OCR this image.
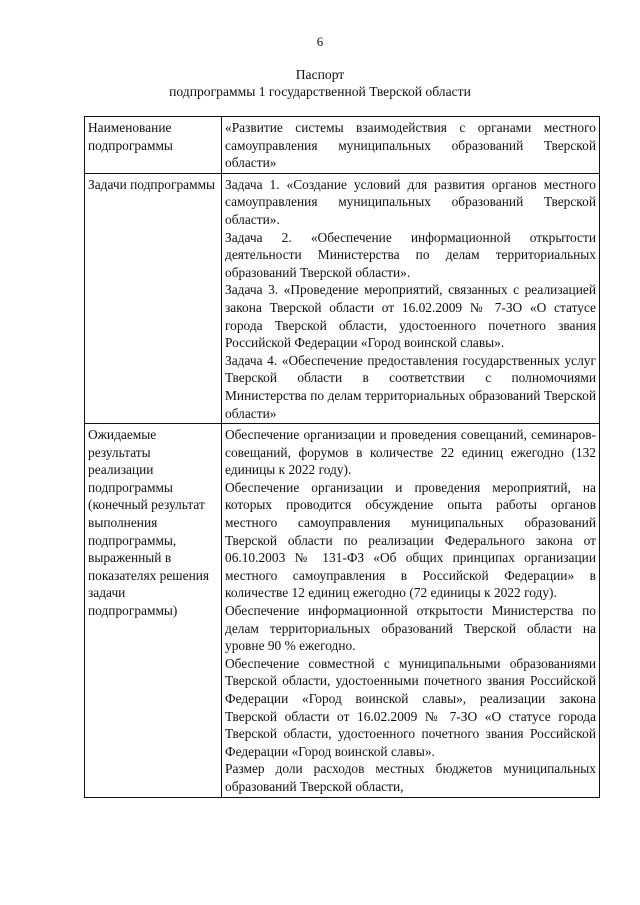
6
Паспорт
подпрограммы 1 государственной Тверской области
Наименование подпрограммы	«Развитие системы взаимодействия с органами местного самоуправления муниципальных образований Тверской области»

Задачи подпрограммы	Задача 1. «Создание условий для развития органов местного самоуправления муниципальных образований Тверской области».

Задача 2. «Обеспечение информационной открытости деятельности Министерства по делам территориальных образований Тверской области».

Задача 3. «Проведение мероприятий, связанных с реализацией закона Тверской области от 16.02.2009 № 7-ЗО «О статусе города Тверской области, удостоенного почетного звания Российской Федерации «Город воинской славы».

Задача 4. «Обеспечение предоставления государственных услуг Тверской области в соответствии с полномочиями Министерства по делам территориальных образований Тверской области»

Ожидаемые результаты реализации подпрограммы (конечный результат выполнения подпрограммы, выраженный в показателях решения задачи подпрограммы)	Обеспечение организации и проведения совещаний, семинаров-совещаний, форумов в количестве 22 единиц ежегодно (132 единицы к 2022 году).

Обеспечение организации и проведения мероприятий, на которых проводится обсуждение опыта работы органов местного самоуправления муниципальных образований Тверской области по реализации Федерального закона от 06.10.2003 № 131-ФЗ «Об общих принципах организации местного самоуправления в Российской Федерации» в количестве 12 единиц ежегодно (72 единицы к 2022 году).

Обеспечение информационной открытости Министерства по делам территориальных образований Тверской области на уровне 90 % ежегодно.

Обеспечение совместной с муниципальными образованиями Тверской области, удостоенными почетного звания Российской Федерации «Город воинской славы», реализации закона Тверской области от 16.02.2009 № 7-ЗО «О статусе города Тверской области, удостоенного почетного звания Российской Федерации «Город воинской славы».

Размер доли расходов местных бюджетов муниципальных образований Тверской области,
